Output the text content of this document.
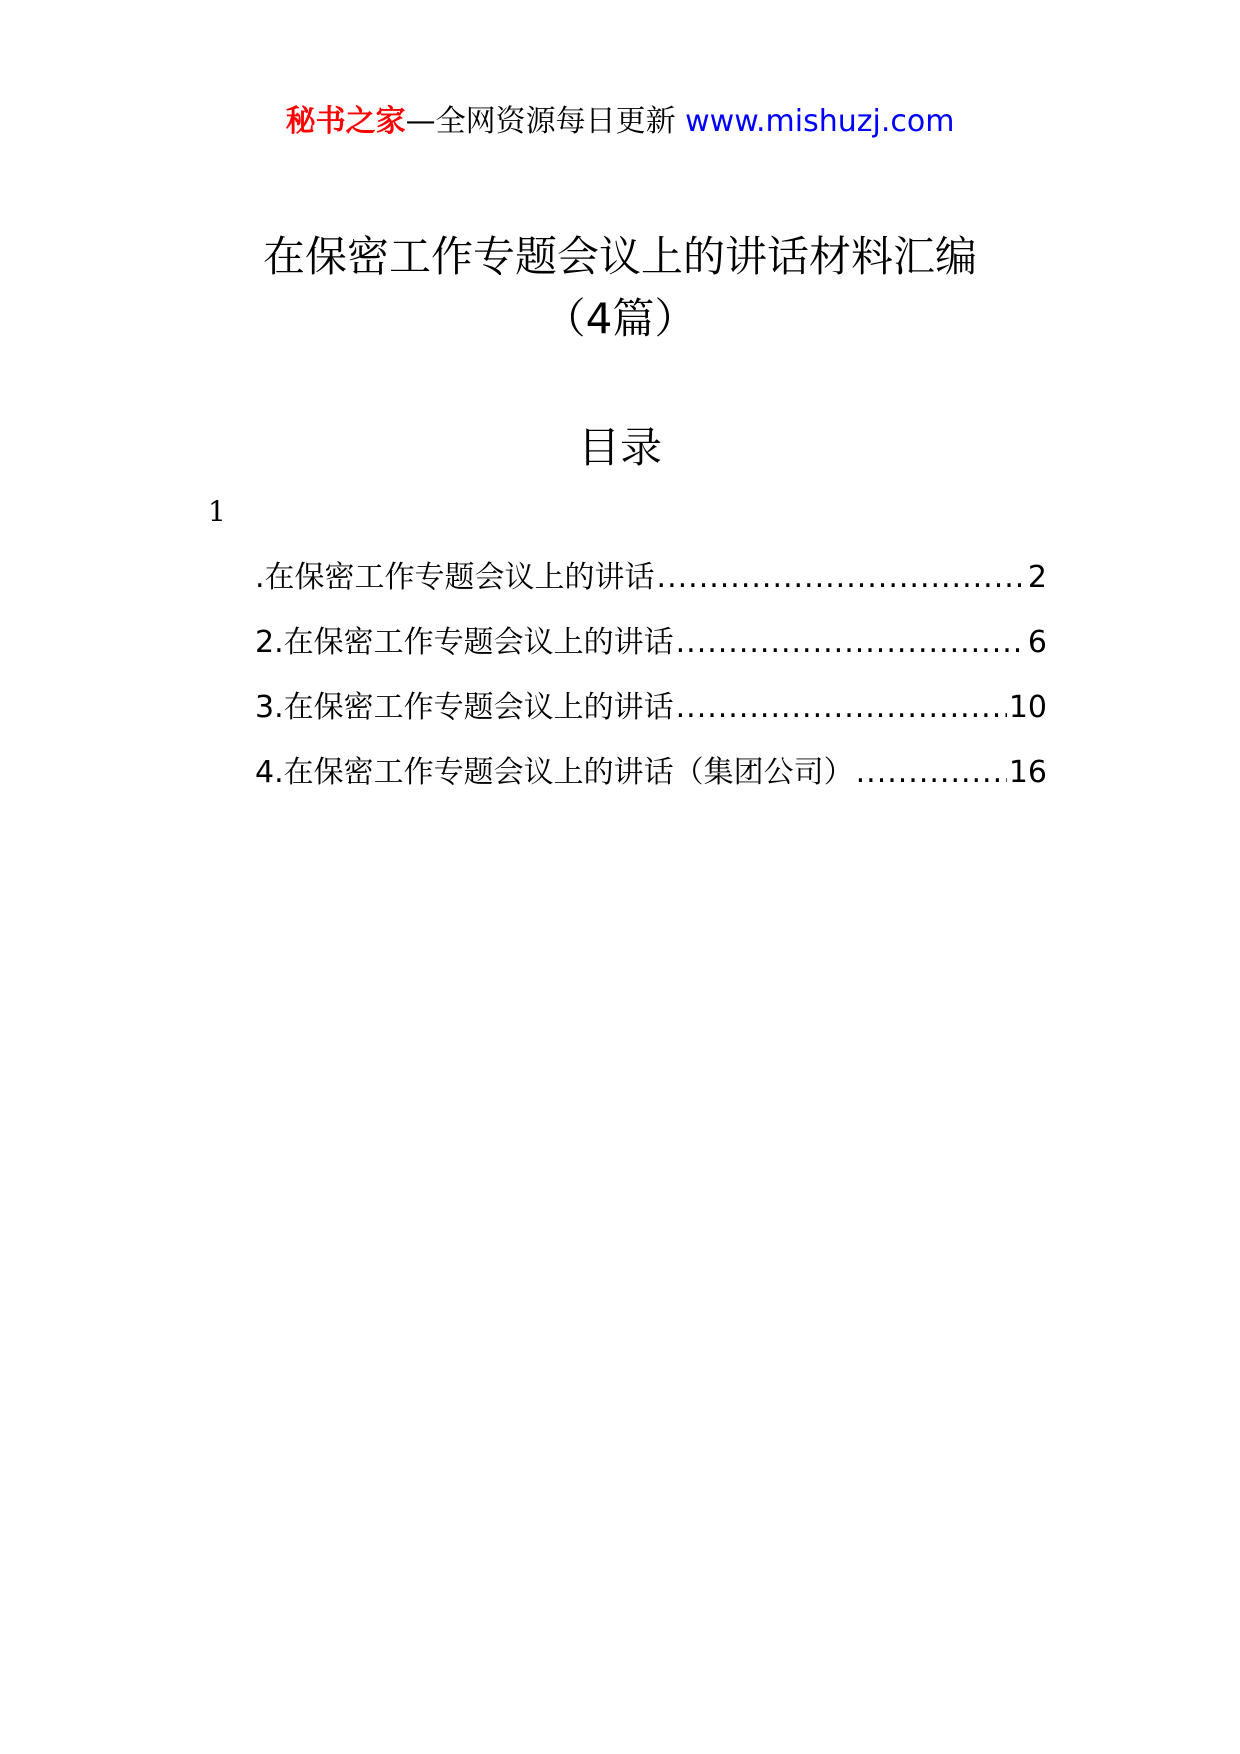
秘书之家—全网资源每日更新 www.mishuzj.com
在保密工作专题会议上的讲话材料汇编
（4篇）
目录
1
.在保密工作专题会议上的讲话 .....	2
2.在保密工作专题会议上的讲话 .....	6
3.在保密工作专题会议上的讲话 .....	10
4.在保密工作专题会议上的讲话（集团公司） .....	16
